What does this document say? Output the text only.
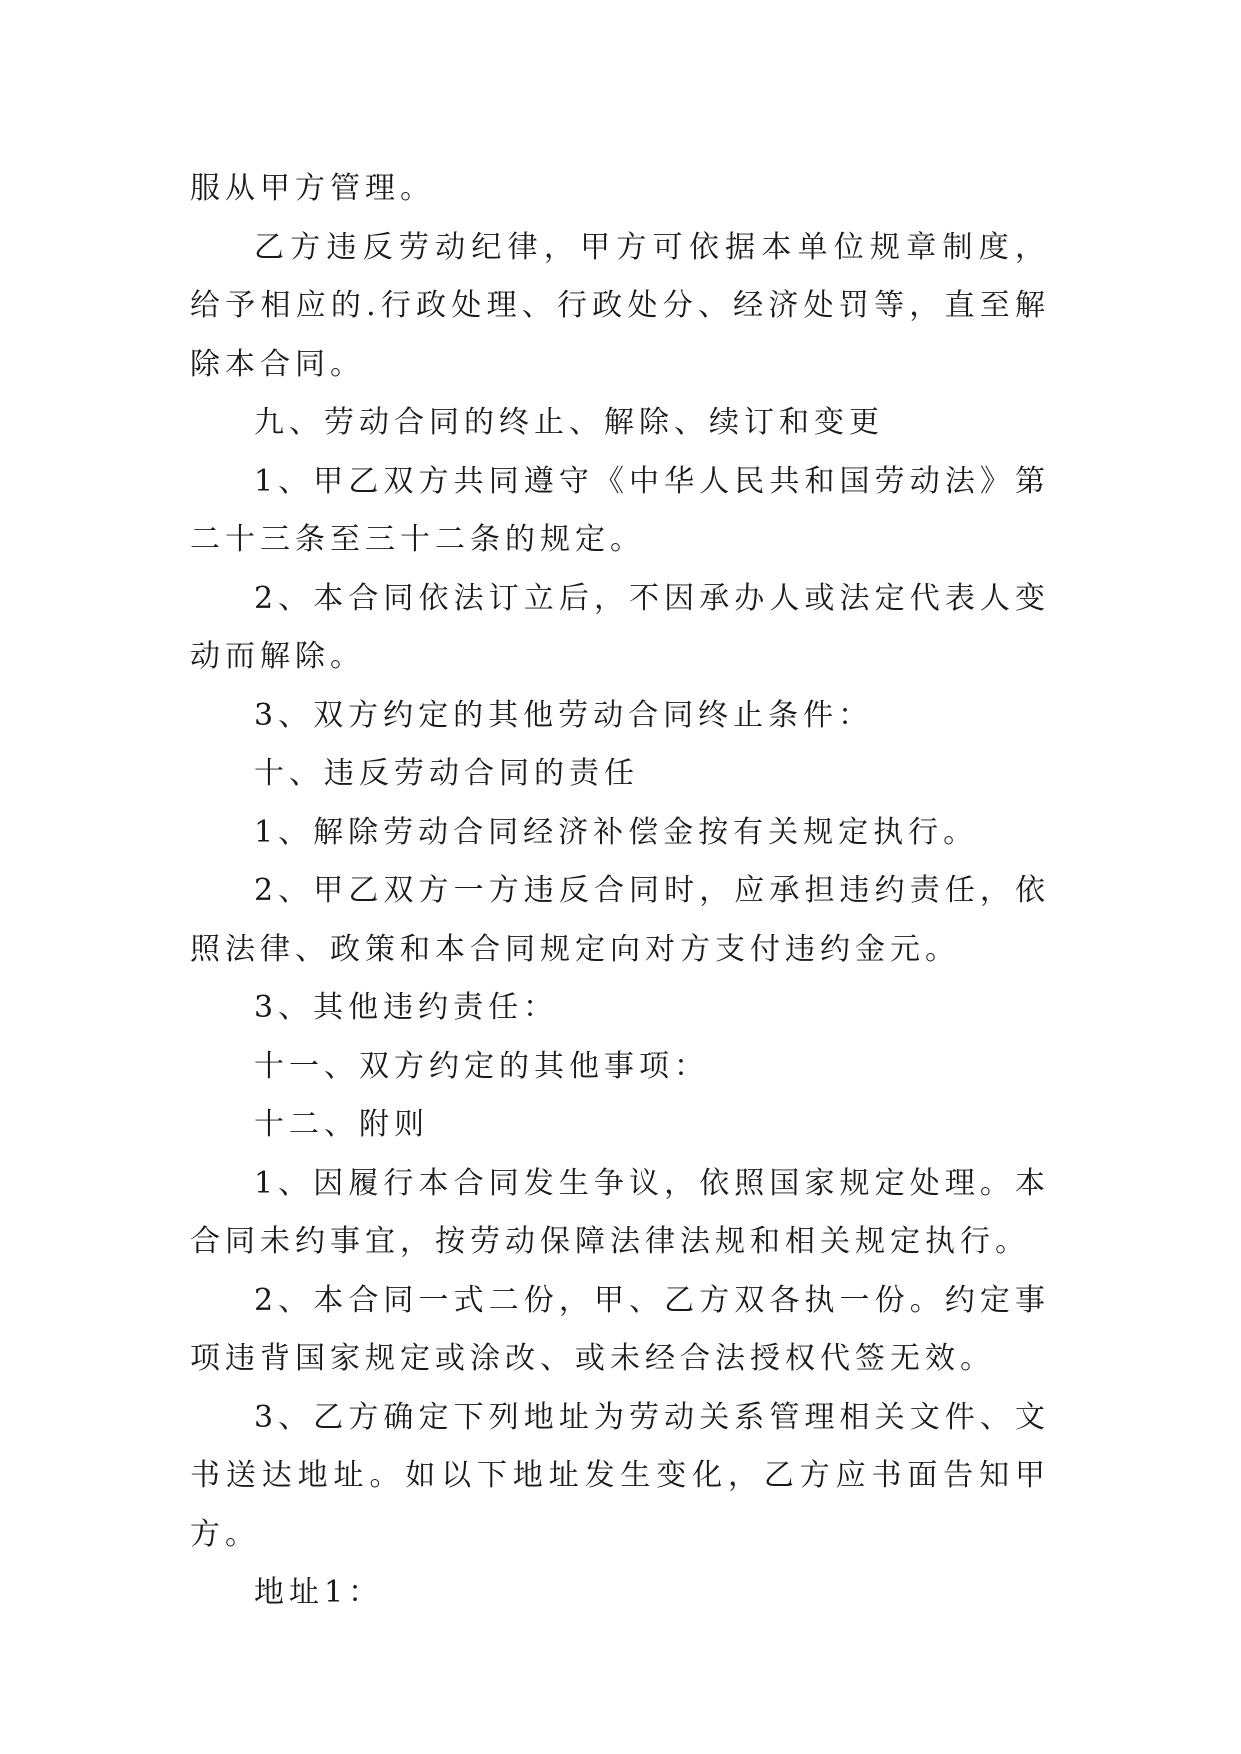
服从甲方管理。

乙方违反劳动纪律，甲方可依据本单位规章制度，给予相应的.行政处理、行政处分、经济处罚等，直至解除本合同。

九、劳动合同的终止、解除、续订和变更

1、甲乙双方共同遵守《中华人民共和国劳动法》第二十三条至三十二条的规定。

2、本合同依法订立后，不因承办人或法定代表人变动而解除。

3、双方约定的其他劳动合同终止条件：

十、违反劳动合同的责任

1、解除劳动合同经济补偿金按有关规定执行。

2、甲乙双方一方违反合同时，应承担违约责任，依照法律、政策和本合同规定向对方支付违约金元。

3、其他违约责任：

十一、双方约定的其他事项：

十二、附则

1、因履行本合同发生争议，依照国家规定处理。本合同未约事宜，按劳动保障法律法规和相关规定执行。

2、本合同一式二份，甲、乙方双各执一份。约定事项违背国家规定或涂改、或未经合法授权代签无效。

3、乙方确定下列地址为劳动关系管理相关文件、文书送达地址。如以下地址发生变化，乙方应书面告知甲方。

地址1：
